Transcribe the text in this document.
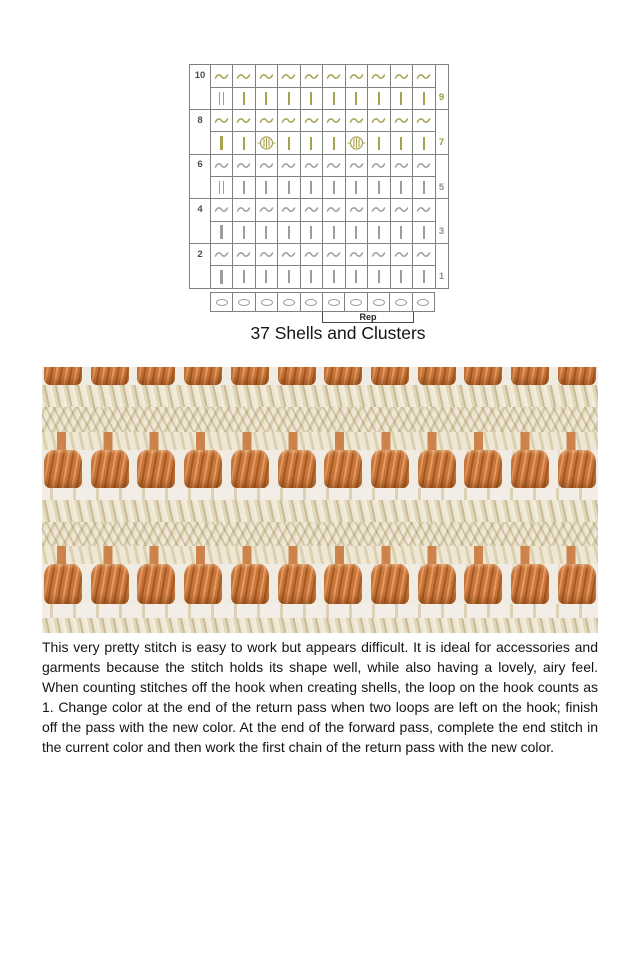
10
9
8
7
6
5
4
3
2
1
Rep
37 Shells and Clusters
This very pretty stitch is easy to work but appears difficult. It is ideal for accessories and garments because the stitch holds its shape well, while also having a lovely, airy feel. When counting stitches off the hook when creating shells, the loop on the hook counts as 1. Change color at the end of the return pass when two loops are left on the hook; finish off the pass with the new color. At the end of the forward pass, complete the end stitch in the current color and then work the first chain of the return pass with the new color.
